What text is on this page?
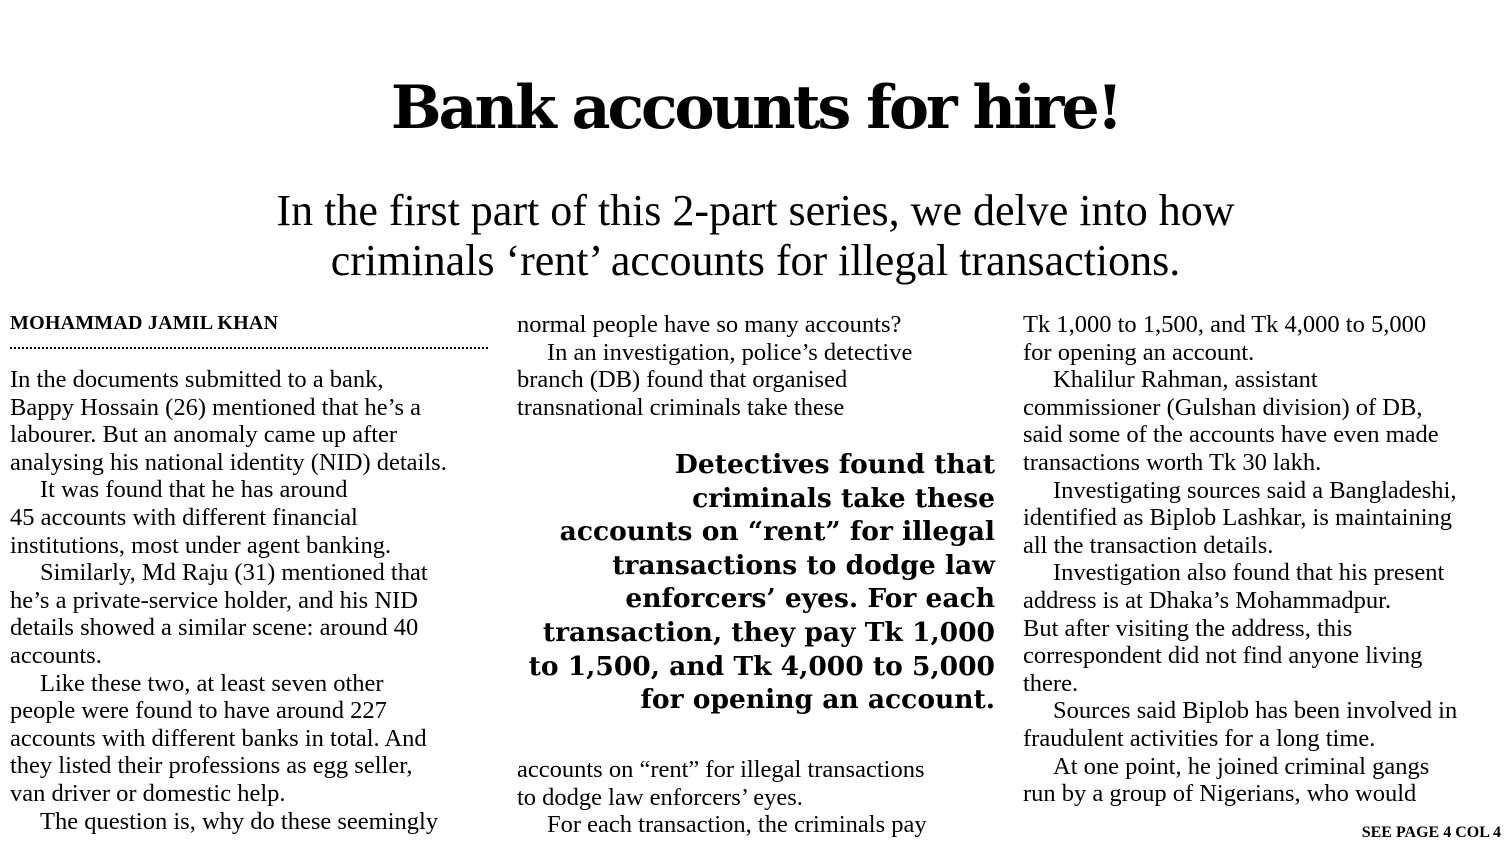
Bank accounts for hire!
In the first part of this 2-part series, we delve into how
criminals ‘rent’ accounts for illegal transactions.
MOHAMMAD JAMIL KHAN
In the documents submitted to a bank,
Bappy Hossain (26) mentioned that he’s a
labourer. But an anomaly came up after
analysing his national identity (NID) details.
It was found that he has around
45 accounts with different financial
institutions, most under agent banking.
Similarly, Md Raju (31) mentioned that
he’s a private-service holder, and his NID
details showed a similar scene: around 40
accounts.
Like these two, at least seven other
people were found to have around 227
accounts with different banks in total. And
they listed their professions as egg seller,
van driver or domestic help.
The question is, why do these seemingly
normal people have so many accounts?
In an investigation, police’s detective
branch (DB) found that organised
transnational criminals take these
Detectives found that
criminals take these
accounts on “rent” for illegal
transactions to dodge law
enforcers’ eyes. For each
transaction, they pay Tk 1,000
to 1,500, and Tk 4,000 to 5,000
for opening an account.
accounts on “rent” for illegal transactions
to dodge law enforcers’ eyes.
For each transaction, the criminals pay
Tk 1,000 to 1,500, and Tk 4,000 to 5,000
for opening an account.
Khalilur Rahman, assistant
commissioner (Gulshan division) of DB,
said some of the accounts have even made
transactions worth Tk 30 lakh.
Investigating sources said a Bangladeshi,
identified as Biplob Lashkar, is maintaining
all the transaction details.
Investigation also found that his present
address is at Dhaka’s Mohammadpur.
But after visiting the address, this
correspondent did not find anyone living
there.
Sources said Biplob has been involved in
fraudulent activities for a long time.
At one point, he joined criminal gangs
run by a group of Nigerians, who would
SEE PAGE 4 COL 4
